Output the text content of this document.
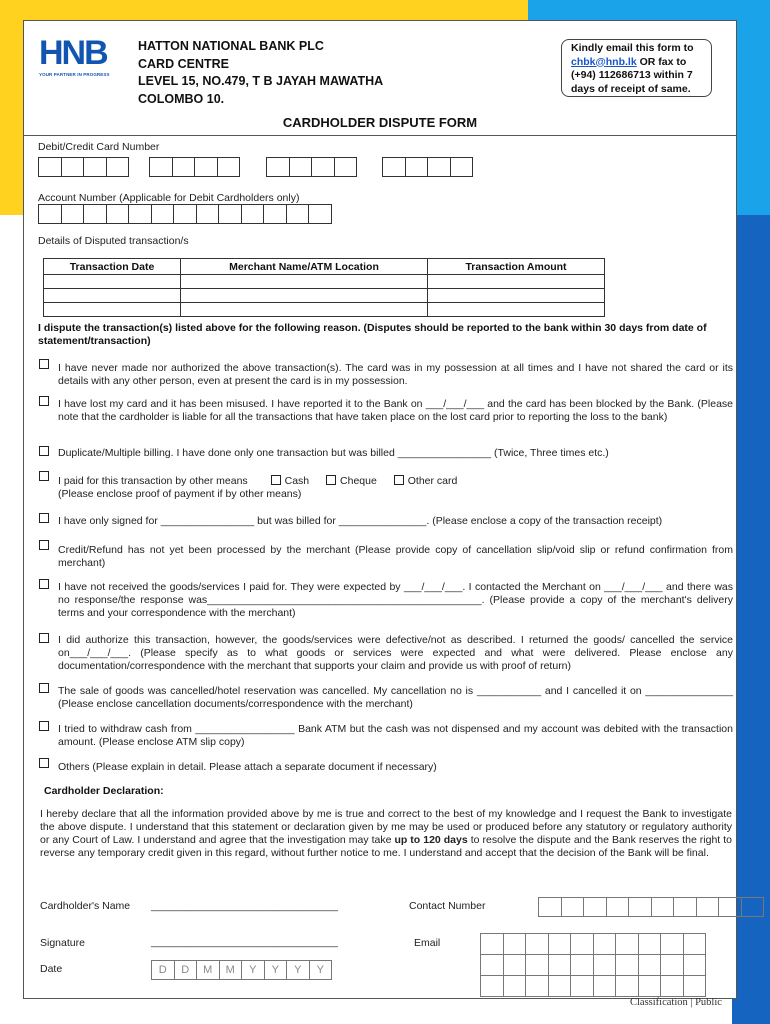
HNB
YOUR PARTNER IN PROGRESS
HATTON NATIONAL BANK PLC
CARD CENTRE
LEVEL 15, NO.479, T B JAYAH MAWATHA
COLOMBO 10.
Kindly email this form to
chbk@hnb.lk OR fax to (+94) 112686713 within 7 days of receipt of same.
CARDHOLDER DISPUTE FORM
Debit/Credit Card Number
Account Number (Applicable for Debit Cardholders only)
Details of Disputed transaction/s
Transaction Date	Merchant Name/ATM Location	Transaction Amount

I dispute the transaction(s) listed above for the following reason. (Disputes should be reported to the bank within 30 days from date of statement/transaction)
I have never made nor authorized the above transaction(s). The card was in my possession at all times and I have not shared the card or its details with any other person, even at present the card is in my possession.
I have lost my card and it has been misused. I have reported it to the Bank on ___/___/___ and the card has been blocked by the Bank. (Please note that the cardholder is liable for all the transactions that have taken place on the lost card prior to reporting the loss to the bank)
Duplicate/Multiple billing. I have done only one transaction but was billed ________________ (Twice, Three times etc.)
I paid for this transaction by other means	Cash	Cheque	Other card
(Please enclose proof of payment if by other means)
I have only signed for ________________ but was billed for _______________. (Please enclose a copy of the transaction receipt)
Credit/Refund has not yet been processed by the merchant (Please provide copy of cancellation slip/void slip or refund confirmation from merchant)
I have not received the goods/services I paid for. They were expected by ___/___/___. I contacted the Merchant on ___/___/___ and there was no response/the response was_______________________________________________. (Please provide a copy of the merchant's delivery terms and your correspondence with the merchant)
I did authorize this transaction, however, the goods/services were defective/not as described. I returned the goods/ cancelled the service on___/___/___. (Please specify as to what goods or services were expected and what were delivered. Please enclose any documentation/correspondence with the merchant that supports your claim and provide us with proof of return)
The sale of goods was cancelled/hotel reservation was cancelled. My cancellation no is ___________ and I cancelled it on _______________ (Please enclose cancellation documents/correspondence with the merchant)
I tried to withdraw cash from _________________ Bank ATM but the cash was not dispensed and my account was debited with the transaction amount. (Please enclose ATM slip copy)
Others (Please explain in detail. Please attach a separate document if necessary)
Cardholder Declaration:
I hereby declare that all the information provided above by me is true and correct to the best of my knowledge and I request the Bank to investigate the above dispute. I understand that this statement or declaration given by me may be used or produced before any statutory or regulatory authority or any Court of Law. I understand and agree that the investigation may take up to 120 days to resolve the dispute and the Bank reserves the right to reverse any temporary credit given in this regard, without further notice to me. I understand and accept that the decision of the Bank will be final.
Cardholder's Name ________________________________	Contact Number
Signature	________________________________	Email
Date	D	D	M	M	Y	Y	Y	Y
Classification | Public
